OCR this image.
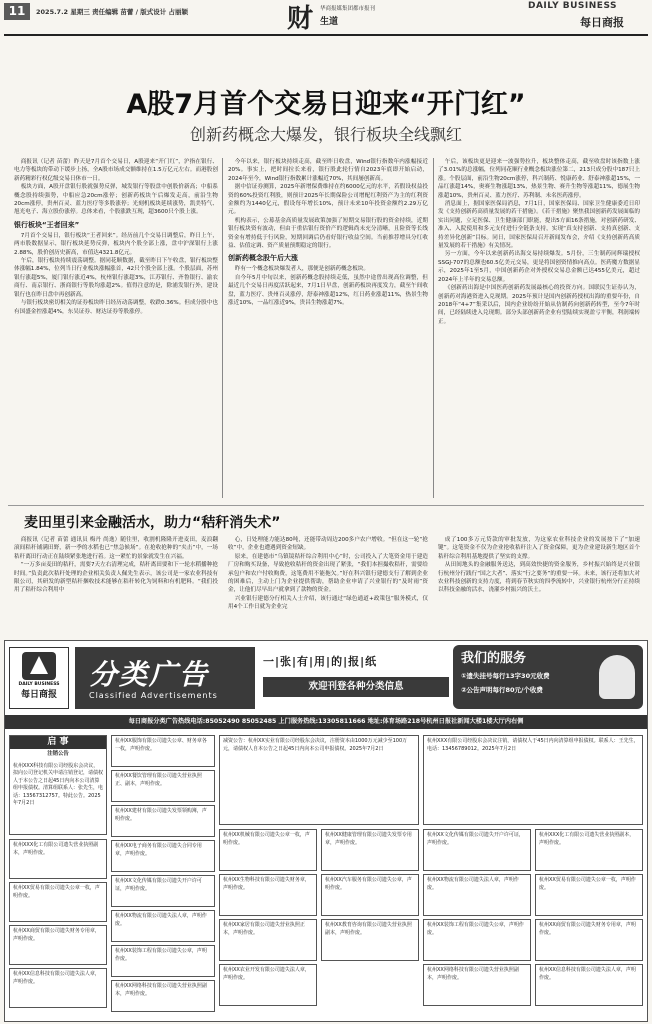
11	2025.7.2 星期三 责任编辑 苗蕾 / 版式设计 占丽颖	财 生道
华商报媒集团都市报刊	DAILY BUSINESS
每日商报
A股7月首个交易日迎来“开门红”
创新药概念大爆发，银行板块全线飘红

商报讯（记者 苗蕾）昨天是7月首个交易日，A股迎来“开门红”，沪指在银行、电力等板块的带动下缓步上扬，全A股市场成交额维持在1.5万亿元左右。而港股创新药精彩行权亿级交易日休市一日。

板块方面，A股开盘银行股就强势反弹，城发银行等股盘中创股价新高；中船系概念股持续强势，中船应急20cm涨停；创新药板块午后爆发走高，前沿生物20cm涨停，贵州百灵、蓝力医疗等多股涨停；光刻机板块延续涨势，凯美特气、旭光电子、海立股份涨停。总体来看，个股涨跌互现，超3600只个股上涨。

银行板块“王者回来”

7月首个交易日，银行板块“王者回来”。经历前几个交易日调整后，昨日上午，两市股数据显示，银行板块延势反弹，板块内个股全部上涨，盘中沪深银行上涨2.88%，股价创历史新高，市值达4321.8亿元。

午后，银行板块持续震荡调整。据同花顺数据，截至昨日下午收盘，银行板块整体涨幅1.84%，位列当日行业板块涨幅涨首，42只个股全部上涨。个股层面，苏州银行涨超5%，厦门银行涨近4%，杭州银行涨超3%，江苏银行、齐鲁银行、渝农商行、南京银行、浙商银行等股均涨超2%。值得注意的是，除浦发银行外，建设银行也在昨日盘中再创新高。

与银行板块密切相关的证券板块昨日经历动荡调整，收跌0.36%。但成分股中也有国盛金控涨超4%，东吴证券、财达证券等股涨停。

今年以来，银行板块持续走高，截至昨日收盘，Wind银行指数年内涨幅接近20%。事实上，把时间拉长来看，银行股此轮行情自2023年底即开始启动，2024年至今，Wind银行指数累计涨幅近70%，其间屡创新高。

据中信证券测算，2025年新增保费维持在约6000亿元的水平，若假设权益投资的60%投资红利股，则预计2025年长期保险公司增配红利资产为主的红利资金额约为1440亿元，假设每年增长10%，预计未来10年投资金额约2.29万亿元。

机构表示，公募基金高质量发展政策加强了短期交易银行股的资金持续，近期银行板块资有波动，但由于重估银行资价产的逻辑尚未充分清晰，且险资等长线资金有增持低于行风险，短期回调后仍看好银行收益空间。当前推荐增具分红收益、估值定调、资产质量预期稳定的银行。

创新药概念股午后大涨

昨有一个概念板块爆发者人，那便是创新药概念板块。

自今年5月中旬以来，创新药概念股持续走低，虽然中途曾出现高位调整，但最近几个交易日再度活跃起来，7月1日早盘，创新药板块再度发力，截至午间收盘，蓝力医疗、贵州百灵涨停，舒泰神涨超12%，红日药业涨超11%，热景生物涨近10%，一品红涨近9%，贵昌生物涨超7%。

午后，该板块更是迎来一波强势拉升，板块整体走高，截至收盘时该指数上涨了3.01%的总涨幅，位列同花顺行业概念板块涨位第二，213只成分股中187只上涨。个股层面，前沿生物20cm涨停，科兴制药、悦康药业、舒泰神涨超15%，一品红涨超14%，奥赛生物涨超13%，热景生物、赛升生物等涨超11%，德展生物涨超10%，贵州百灵、蓝力医疗、苏利制、未名医药涨停。

消息面上，据国家医保局消息，7月1日，国家医保局、国家卫生健康委近日印发《支持创新药高质量发展的若干措施》。《若干措施》聚焦我国创新药发展面临的实出问题，立足医保、卫生健康部门职能，提出5方面16条措施，对创新药研发、准入、入院使用和多元支付进行全链条支持，实现“真支持创新、支持真创新、支持差异化创新”目标。同日，国家医保局召开新闻发布会，介绍《支持创新药高质量发展的若干措施》有关情况。

另一方面，今年以来创新药出海交易持续爆发。5月份，三生制药同辉瑞授权SSGJ-707的总额也60.5亿美元交易，更是将国创资情推向高点。医药魔方数据显示，2025年1至5月，中国创新药企对外授权交易总金额已达455亿美元，超过2024年上半年的交易总额。

《创新药出海是中国医药创新药发展最核心的投资方向。国联民生证券认为，创新药对海港资进入兑现期。2025年预计是国内创新药授权出海的重要年份，自2018年“4+7”集采以后，国内企业纷纷开始从仿制药向创新药转型，至今7年时间，已经陆续进入兑现期。部分头部创新药企业有望陆续实现盈亏平衡，利润端转正。

麦田里引来金融活水，助力“秸秆消失术”

商报讯（记者 苗蕾 通讯员 梅丹 尚逸）随往里，收割机隆隆开进麦田，麦浪翻滚间秸秆铺满田野，新一季的水稻也已“焦急候场”。在抢收抢种的“夹击”中，一场秸秆离田行动正在陆续紧张地进行着。这一紧忙的景象就发生在兴福。

“一万多亩麦田的秸秆，需要7天左右清理完成，秸秆离田要和下一轮水稻播种抢时间。”负责此次秸秆处理的企业相关负责人佩先生表示，该公司是一家农业科技有限公司，其研发的新型秸秆捆收技术能够在秸秆转化为饲料和有机肥料。“我们投用了秸秆综合利用中

心，日处理能力能达80吨，还能带动周边200多户农户增收。“但在这一轮“抢收”中，企业也遭遇到资金短缺。

原来，在建德市“乌镇镜秸秆综合利用中心”时，公司投入了大笔资金用于建造厂房和购买设备，导致抢收秸秆的资金出现了紧张，“我们本担撮收秸秆，需要给承包户和农户付收购费，这笔费用不能拖欠。”好在科兴银行建德支行了解到企业的困难后，主动上门为企业提供帮助，帮助企业申请了兴业银行的“及时雨”资金，让他们尽早出户就拿到了款物的资金。

兴业银行建德分行相关人士介绍，该行通过“绿色通道+政策包”服务模式，仅用4个工作日就为企业完

成了100多万元贷款的审批发放，为这家农业科技企业的发展按下了“加速键”。这笔资金不仅为企业抢收秸秆注入了资金保障，更为企业建设新生地区首个秸秆综合利用基地提供了坚实的支撑。

从田间地头的金融服务送达，到高效快捷的资金服务，乡村振兴始终是兴业银行杭州分行践行“国之大者”、落实“行之要务”的重要一环。未来，该行还将加大对农业科技创新的支持力度，将到春节秋实的四季流转中，兴业银行杭州分行正持续以科技金融的活水，浇灌乡村振兴的沃土。

DAILY BUSINESS
每日商报
分类广告
Classified Advertisements
一|张|有|用|的|报|纸
欢迎刊登各种分类信息
我们的服务
①遗失挂号每行13字30元收费
②公告声明每行80元/个收费
每日商报分类广告热线电话:85052490 85052485 上门服务热线:13305811666 地址:体育场路218号杭州日报社新闻大楼1楼大厅内右侧
启 事
注销公告
杭州XXX科技有限公司经股东会决议，拟向公司登记机关申请注销登记，请债权人于本公告之日起45日内向本公司清算组申报债权。清算组联系人：张先生，电话：13567312757。特此公告。2025年7月2日
杭州XXX化工有限公司遗失营业执照副本，声明作废。
杭州XX贸易有限公司遗失公章一枚，声明作废。
杭州XX商贸有限公司遗失财务专用章，声明作废。
杭州XX信息科技有限公司遗失法人章，声明作废。
杭州XX服饰有限公司遗失公章、财务章各一枚，声明作废。
杭州XX餐饮管理有限公司遗失营业执照正、副本，声明作废。
杭州XX建材有限公司遗失发票领购簿，声明作废。
杭州XX电子商务有限公司遗失合同专用章，声明作废。
杭州XX文化传媒有限公司遗失开户许可证，声明作废。
杭州XX物流有限公司遗失法人章，声明作废。
杭州XX装饰工程有限公司遗失公章，声明作废。
杭州XX网络科技有限公司遗失营业执照副本，声明作废。
减资公告：杭州XX实业有限公司经股东会决议，注册资本由1000万元减少至100万元，请债权人自本公告之日起45日内向本公司申报债权。2025年7月2日
杭州XXX有限公司经股东会决议注销，请债权人于45日内向清算组申报债权。联系人：王先生，电话：13456789012。2025年7月2日
杭州XX机械有限公司遗失公章一枚，声明作废。
杭州XX生物科技有限公司遗失财务章，声明作废。
杭州XX家居有限公司遗失营业执照正本，声明作废。
杭州XX农业开发有限公司遗失法人章，声明作废。
杭州XX健康管理有限公司遗失发票专用章，声明作废。
杭州XX汽车服务有限公司遗失公章，声明作废。
杭州XX教育咨询有限公司遗失营业执照副本，声明作废。
杭州XX文化传媒有限公司遗失开户许可证，声明作废。
杭州XX物流有限公司遗失法人章，声明作废。
杭州XX装饰工程有限公司遗失公章，声明作废。
杭州XX网络科技有限公司遗失营业执照副本，声明作废。
杭州XXX化工有限公司遗失营业执照副本，声明作废。
杭州XX贸易有限公司遗失公章一枚，声明作废。
杭州XX商贸有限公司遗失财务专用章，声明作废。
杭州XX信息科技有限公司遗失法人章，声明作废。
